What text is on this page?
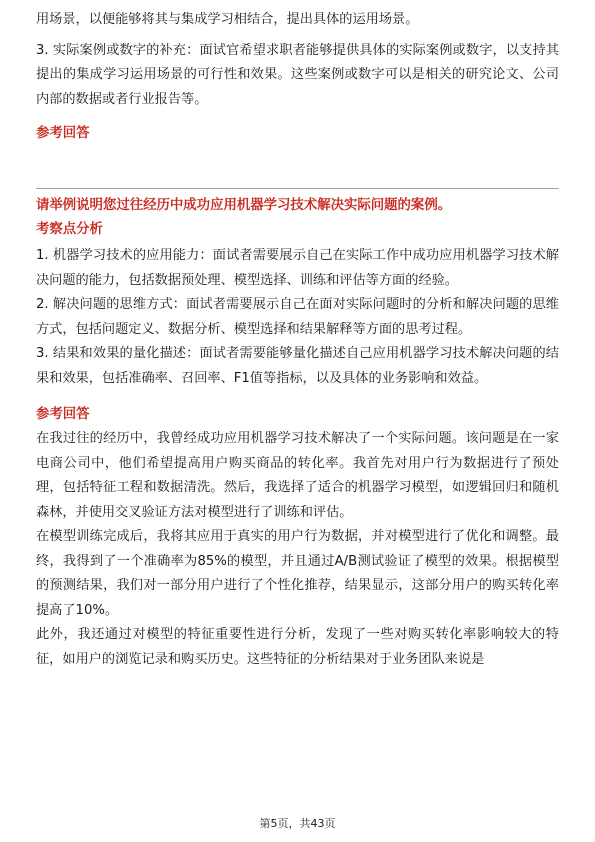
用场景，以便能够将其与集成学习相结合，提出具体的运用场景。

3. 实际案例或数字的补充：面试官希望求职者能够提供具体的实际案例或数字，以支持其提出的集成学习运用场景的可行性和效果。这些案例或数字可以是相关的研究论文、公司内部的数据或者行业报告等。

参考回答

请举例说明您过往经历中成功应用机器学习技术解决实际问题的案例。

考察点分析

1. 机器学习技术的应用能力：面试者需要展示自己在实际工作中成功应用机器学习技术解决问题的能力，包括数据预处理、模型选择、训练和评估等方面的经验。

2. 解决问题的思维方式：面试者需要展示自己在面对实际问题时的分析和解决问题的思维方式，包括问题定义、数据分析、模型选择和结果解释等方面的思考过程。

3. 结果和效果的量化描述：面试者需要能够量化描述自己应用机器学习技术解决问题的结果和效果，包括准确率、召回率、F1值等指标，以及具体的业务影响和效益。

参考回答

在我过往的经历中，我曾经成功应用机器学习技术解决了一个实际问题。该问题是在一家电商公司中，他们希望提高用户购买商品的转化率。我首先对用户行为数据进行了预处理，包括特征工程和数据清洗。然后，我选择了适合的机器学习模型，如逻辑回归和随机森林，并使用交叉验证方法对模型进行了训练和评估。

在模型训练完成后，我将其应用于真实的用户行为数据，并对模型进行了优化和调整。最终，我得到了一个准确率为85%的模型，并且通过A/B测试验证了模型的效果。根据模型的预测结果，我们对一部分用户进行了个性化推荐，结果显示，这部分用户的购买转化率提高了10%。

此外，我还通过对模型的特征重要性进行分析，发现了一些对购买转化率影响较大的特征，如用户的浏览记录和购买历史。这些特征的分析结果对于业务团队来说是

第5页，共43页
